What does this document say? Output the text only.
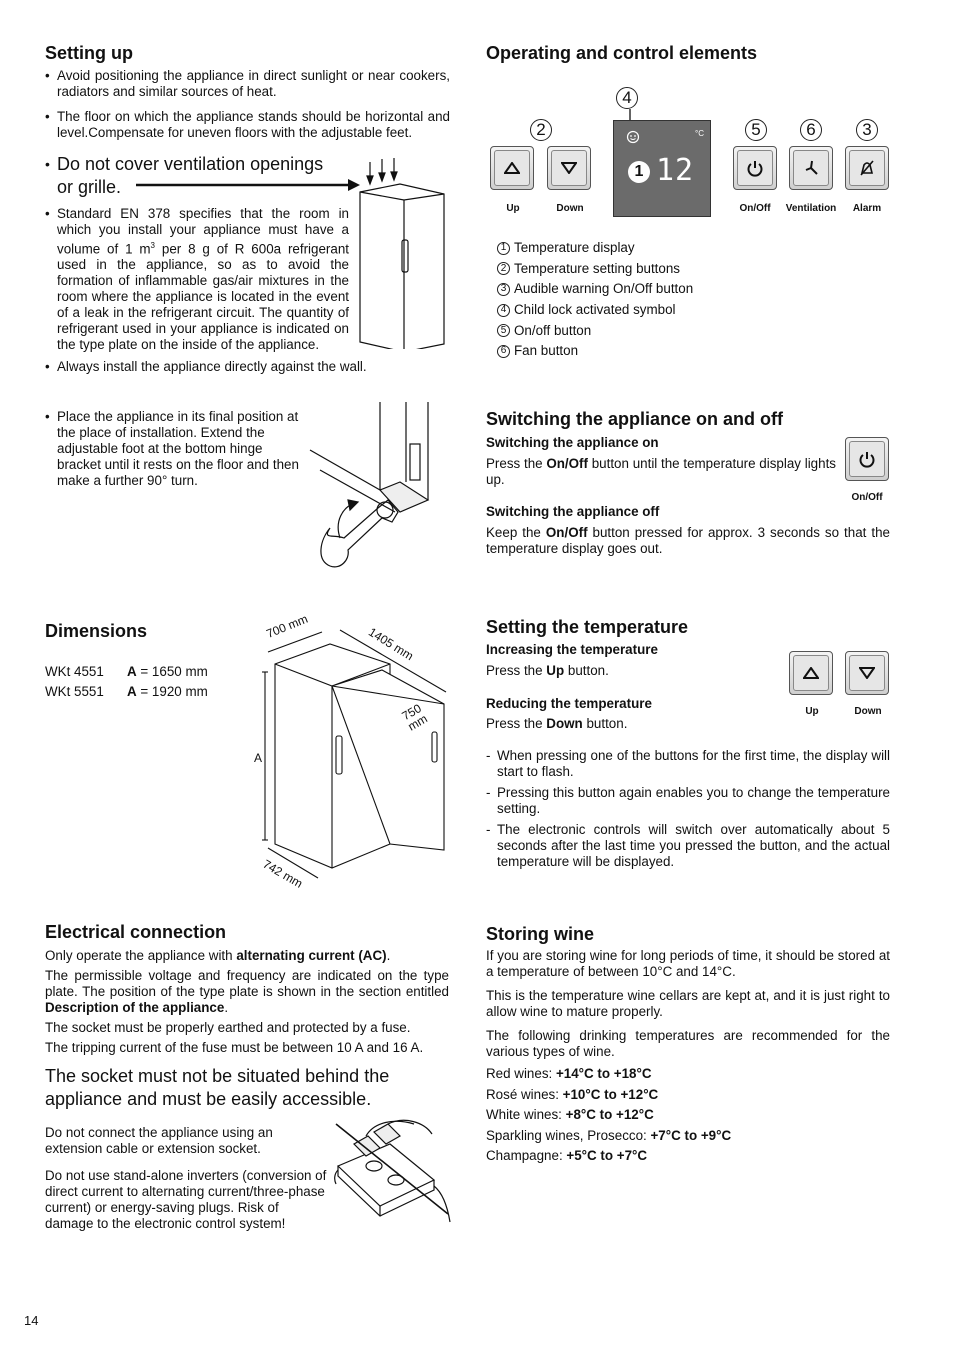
Setting up
• Avoid positioning the appliance in direct sunlight or near cookers, radiators and similar sources of heat.
• The floor on which the appliance stands should be horizontal and level.Compensate for uneven floors with the adjustable feet.
• Do not cover ventilation openings
or grille.
• Standard EN 378 specifies that the room in which you install your appliance must have a volume of 1 $m^3$ per 8 g of R 600a refrigerant used in the appliance, so as to avoid the formation of inflammable gas/air mixtures in the room where the appliance is located in the event of a leak in the refrigerant circuit. The quantity of refrigerant used in your appliance is indicated on the type plate on the inside of the appliance.
• Always install the appliance directly against the wall.
• Place the appliance in its final position at the place of installation. Extend the adjustable foot at the bottom hinge bracket until it rests on the floor and then make a further 90° turn.
Operating and control elements
2
4
5	6	3
Up	Down
°C
1 12
On/Off	Ventilation	Alarm
1 Temperature display
2 Temperature setting buttons
3 Audible warning On/Off button
4 Child lock activated symbol
5 On/off button
6 Fan button
Switching the appliance on and off
Switching the appliance on

Press the On/Off button until the temperature display lights up.

On/Off
Switching the appliance off

Keep the On/Off button pressed for approx. 3 seconds so that the temperature display goes out.

Dimensions
WKt 4551 A = 1650 mm
WKt 5551 A = 1920 mm
700 mm	1405 mm
750 mm
A
742 mm
Setting the temperature
Increasing the temperature

Press the Up button.

Reducing the temperature

Press the Down button.

Up	Down
- When pressing one of the buttons for the first time, the display will start to flash.
- Pressing this button again enables you to change the temperature setting.
- The electronic controls will switch over automatically about 5 seconds after the last time you pressed the button, and the actual temperature will be displayed.
Electrical connection

Only operate the appliance with alternating current (AC).

The permissible voltage and frequency are indicated on the type plate. The position of the type plate is shown in the section entitled Description of the appliance.

The socket must be properly earthed and protected by a fuse.

The tripping current of the fuse must be between 10 A and 16 A.

The socket must not be situated behind the appliance and must be easily accessible.

Do not connect the appliance using an extension cable or extension socket.

Do not use stand-alone inverters (conversion of direct current to alternating current/three-phase current) or energy-saving plugs. Risk of damage to the electronic control system!

Storing wine

If you are storing wine for long periods of time, it should be stored at a temperature of between 10°C and 14°C.

This is the temperature wine cellars are kept at, and it is just right to allow wine to mature properly.

The following drinking temperatures are recommended for the various types of wine.

Red wines: +14°C to +18°C
Rosé wines: +10°C to +12°C
White wines: +8°C to +12°C
Sparkling wines, Prosecco: +7°C to +9°C
Champagne: +5°C to +7°C
14
